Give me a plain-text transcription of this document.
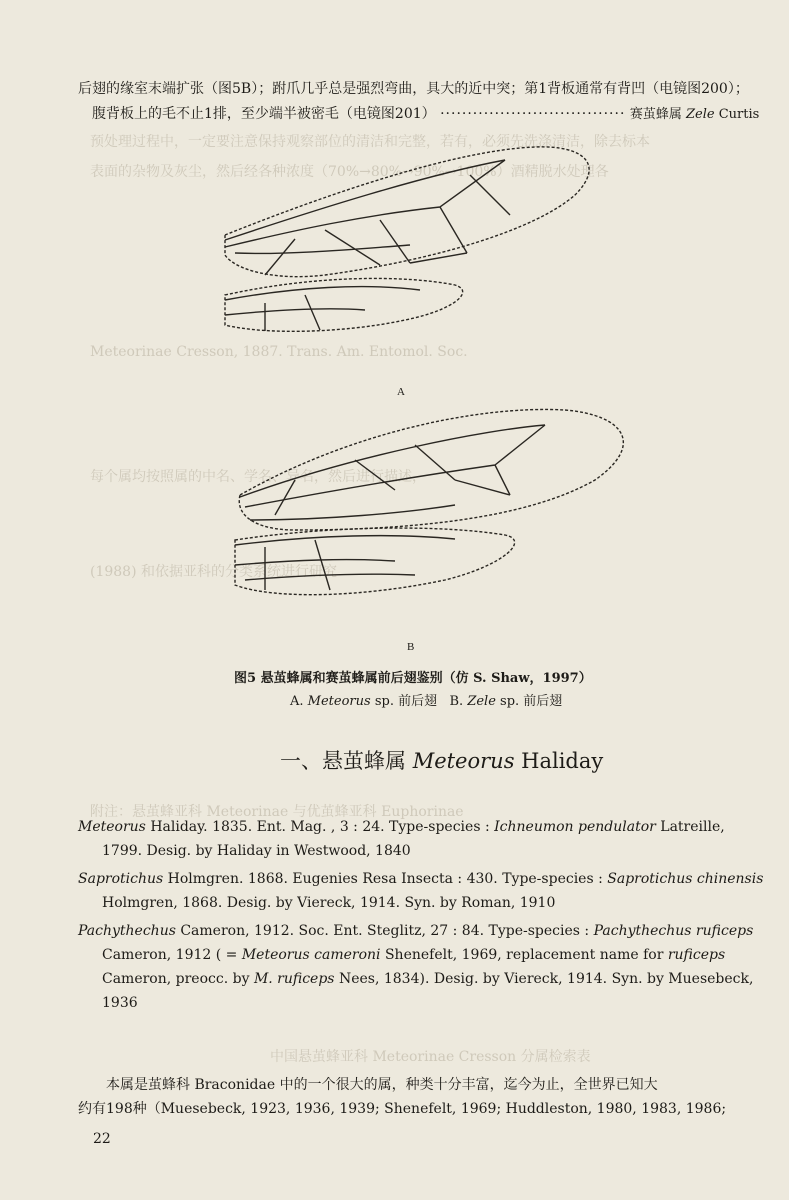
预处理过程中，一定要注意保持观察部位的清洁和完整，若有，必须先洗涤清洁，除去标本
表面的杂物及灰尘，然后经各种浓度（70%→80%→90%→100%）酒精脱水处理各
Meteorinae Cresson, 1887. Trans. Am. Entomol. Soc.
每个属均按照属的中名、学名、异名，然后进行描述，
(1988) 和依据亚科的分类系统进行研究
附注：悬茧蜂亚科 Meteorinae 与优茧蜂亚科 Euphorinae
中国悬茧蜂亚科 Meteorinae Cresson 分属检索表
后翅的缘室末端扩张（图5B）；跗爪几乎总是强烈弯曲，具大的近中突；第1背板通常有背凹（电镜图200）；
腹背板上的毛不止1排，至少端半被密毛（电镜图201） ·································· 赛茧蜂属 Zele Curtis
A
B
图5 悬茧蜂属和赛茧蜂属前后翅鉴别（仿 S. Shaw，1997）
A. Meteorus sp. 前后翅 B. Zele sp. 前后翅
一、悬茧蜂属 Meteorus Haliday
Meteorus Haliday. 1835. Ent. Mag. , 3 : 24. Type-species : Ichneumon pendulator Latreille,
1799. Desig. by Haliday in Westwood, 1840
Saprotichus Holmgren. 1868. Eugenies Resa Insecta : 430. Type-species : Saprotichus chinensis
Holmgren, 1868. Desig. by Viereck, 1914. Syn. by Roman, 1910
Pachythechus Cameron, 1912. Soc. Ent. Steglitz, 27 : 84. Type-species : Pachythechus ruficeps
Cameron, 1912 ( = Meteorus cameroni Shenefelt, 1969, replacement name for ruficeps
Cameron, preocc. by M. ruficeps Nees, 1834). Desig. by Viereck, 1914. Syn. by Muesebeck,
1936
本属是茧蜂科 Braconidae 中的一个很大的属，种类十分丰富，迄今为止，全世界已知大
约有198种（Muesebeck, 1923, 1936, 1939; Shenefelt, 1969; Huddleston, 1980, 1983, 1986;
22
